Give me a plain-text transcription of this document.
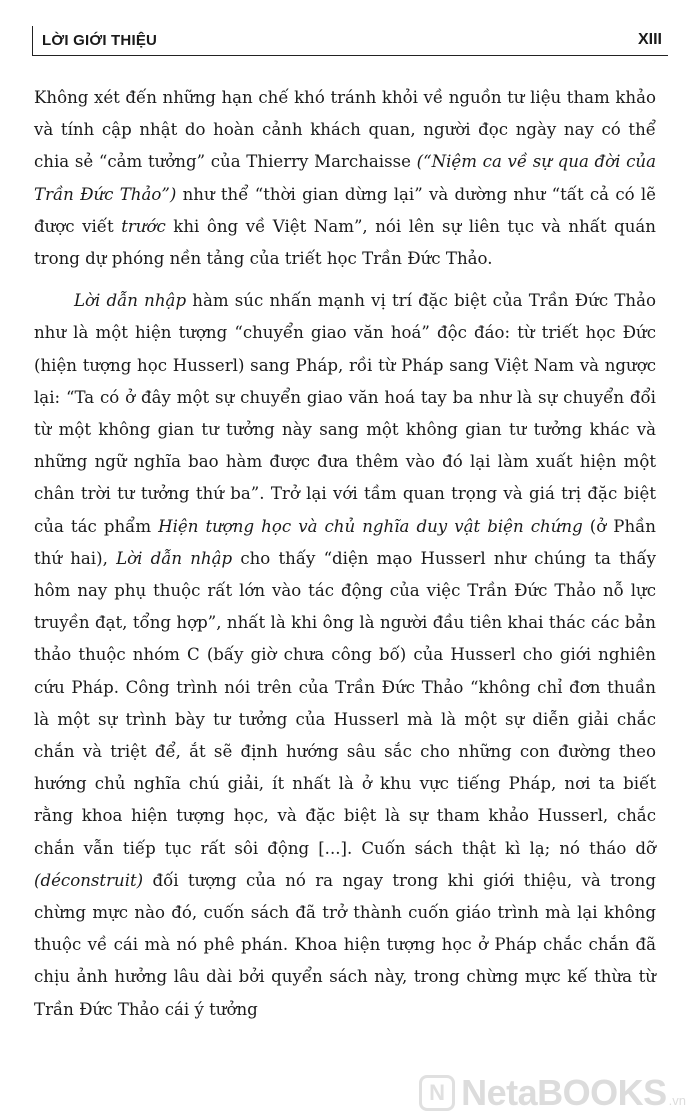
LỜI GIỚI THIỆU	XIII

Không xét đến những hạn chế khó tránh khỏi về nguồn tư liệu tham khảo và tính cập nhật do hoàn cảnh khách quan, người đọc ngày nay có thể chia sẻ “cảm tưởng” của Thierry Marchaisse (“Niệm ca về sự qua đời của Trần Đức Thảo”) như thể “thời gian dừng lại” và dường như “tất cả có lẽ được viết trước khi ông về Việt Nam”, nói lên sự liên tục và nhất quán trong dự phóng nền tảng của triết học Trần Đức Thảo.

Lời dẫn nhập hàm súc nhấn mạnh vị trí đặc biệt của Trần Đức Thảo như là một hiện tượng “chuyển giao văn hoá” độc đáo: từ triết học Đức (hiện tượng học Husserl) sang Pháp, rồi từ Pháp sang Việt Nam và ngược lại: “Ta có ở đây một sự chuyển giao văn hoá tay ba như là sự chuyển đổi từ một không gian tư tưởng này sang một không gian tư tưởng khác và những ngữ nghĩa bao hàm được đưa thêm vào đó lại làm xuất hiện một chân trời tư tưởng thứ ba”. Trở lại với tầm quan trọng và giá trị đặc biệt của tác phẩm Hiện tượng học và chủ nghĩa duy vật biện chứng (ở Phần thứ hai), Lời dẫn nhập cho thấy “diện mạo Husserl như chúng ta thấy hôm nay phụ thuộc rất lớn vào tác động của việc Trần Đức Thảo nỗ lực truyền đạt, tổng hợp”, nhất là khi ông là người đầu tiên khai thác các bản thảo thuộc nhóm C (bấy giờ chưa công bố) của Husserl cho giới nghiên cứu Pháp. Công trình nói trên của Trần Đức Thảo “không chỉ đơn thuần là một sự trình bày tư tưởng của Husserl mà là một sự diễn giải chắc chắn và triệt để, ắt sẽ định hướng sâu sắc cho những con đường theo hướng chủ nghĩa chú giải, ít nhất là ở khu vực tiếng Pháp, nơi ta biết rằng khoa hiện tượng học, và đặc biệt là sự tham khảo Husserl, chắc chắn vẫn tiếp tục rất sôi động [...]. Cuốn sách thật kì lạ; nó tháo dỡ (déconstruit) đối tượng của nó ra ngay trong khi giới thiệu, và trong chừng mực nào đó, cuốn sách đã trở thành cuốn giáo trình mà lại không thuộc về cái mà nó phê phán. Khoa hiện tượng học ở Pháp chắc chắn đã chịu ảnh hưởng lâu dài bởi quyển sách này, trong chừng mực kế thừa từ Trần Đức Thảo cái ý tưởng

N NetaBOOKS .vn
